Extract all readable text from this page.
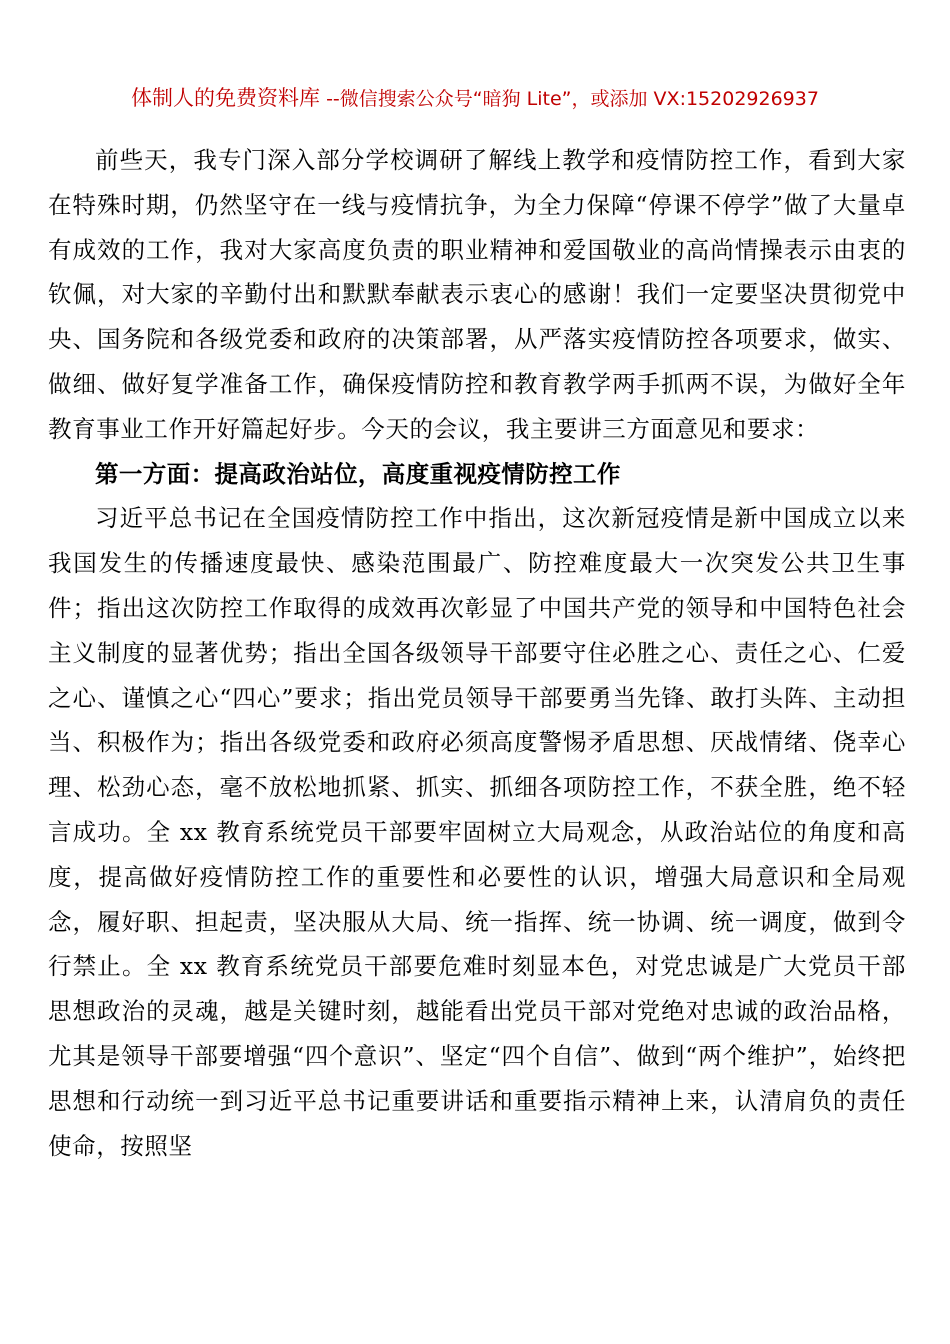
体制人的免费资料库 --微信搜索公众号“暗狗 Lite”，或添加 VX:15202926937

前些天，我专门深入部分学校调研了解线上教学和疫情防控工作，看到大家在特殊时期，仍然坚守在一线与疫情抗争，为全力保障“停课不停学”做了大量卓有成效的工作，我对大家高度负责的职业精神和爱国敬业的高尚情操表示由衷的钦佩，对大家的辛勤付出和默默奉献表示衷心的感谢！我们一定要坚决贯彻党中央、国务院和各级党委和政府的决策部署，从严落实疫情防控各项要求，做实、做细、做好复学准备工作，确保疫情防控和教育教学两手抓两不误，为做好全年教育事业工作开好篇起好步。今天的会议，我主要讲三方面意见和要求：

第一方面：提高政治站位，高度重视疫情防控工作

习近平总书记在全国疫情防控工作中指出，这次新冠疫情是新中国成立以来我国发生的传播速度最快、感染范围最广、防控难度最大一次突发公共卫生事件；指出这次防控工作取得的成效再次彰显了中国共产党的领导和中国特色社会主义制度的显著优势；指出全国各级领导干部要守住必胜之心、责任之心、仁爱之心、谨慎之心“四心”要求；指出党员领导干部要勇当先锋、敢打头阵、主动担当、积极作为；指出各级党委和政府必须高度警惕矛盾思想、厌战情绪、侥幸心理、松劲心态，毫不放松地抓紧、抓实、抓细各项防控工作，不获全胜，绝不轻言成功。全 xx 教育系统党员干部要牢固树立大局观念，从政治站位的角度和高度，提高做好疫情防控工作的重要性和必要性的认识，增强大局意识和全局观念，履好职、担起责，坚决服从大局、统一指挥、统一协调、统一调度，做到令行禁止。全 xx 教育系统党员干部要危难时刻显本色，对党忠诚是广大党员干部思想政治的灵魂，越是关键时刻，越能看出党员干部对党绝对忠诚的政治品格，尤其是领导干部要增强“四个意识”、坚定“四个自信”、做到“两个维护”，始终把思想和行动统一到习近平总书记重要讲话和重要指示精神上来，认清肩负的责任使命，按照坚
